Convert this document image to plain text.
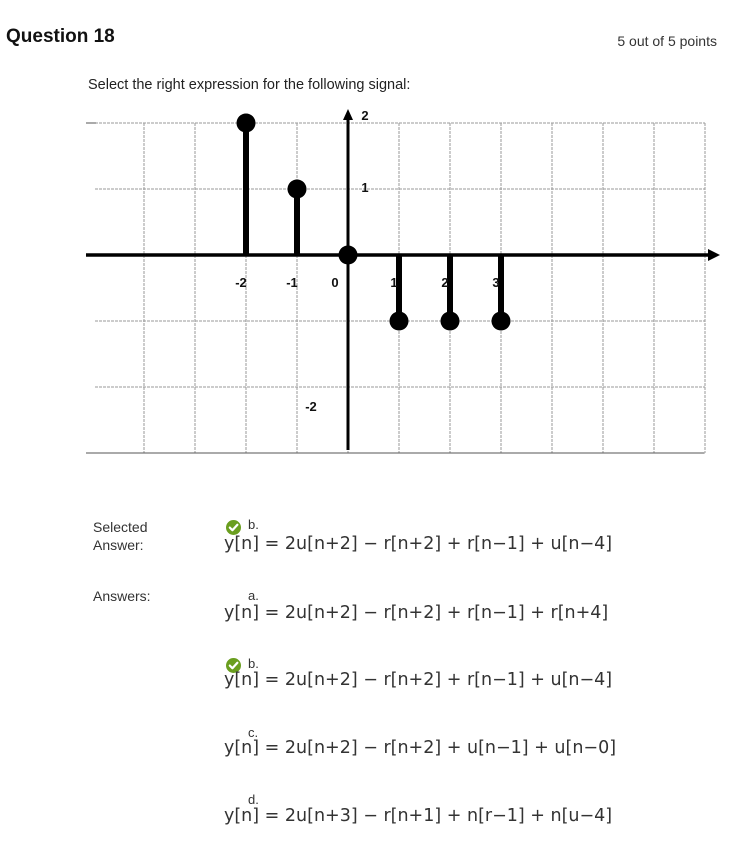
Question 18	5 out of 5 points
Select the right expression for the following signal:
-2	-1	0	1	2	3
2
1
-2
Selected
Answer:
b.
y[n] = 2u[n+2] − r[n+2] + r[n−1] + u[n−4]
Answers:	a.
y[n] = 2u[n+2] − r[n+2] + r[n−1] + r[n+4]
b.
y[n] = 2u[n+2] − r[n+2] + r[n−1] + u[n−4]
c.
y[n] = 2u[n+2] − r[n+2] + u[n−1] + u[n−0]
d.
y[n] = 2u[n+3] − r[n+1] + n[r−1] + n[u−4]
